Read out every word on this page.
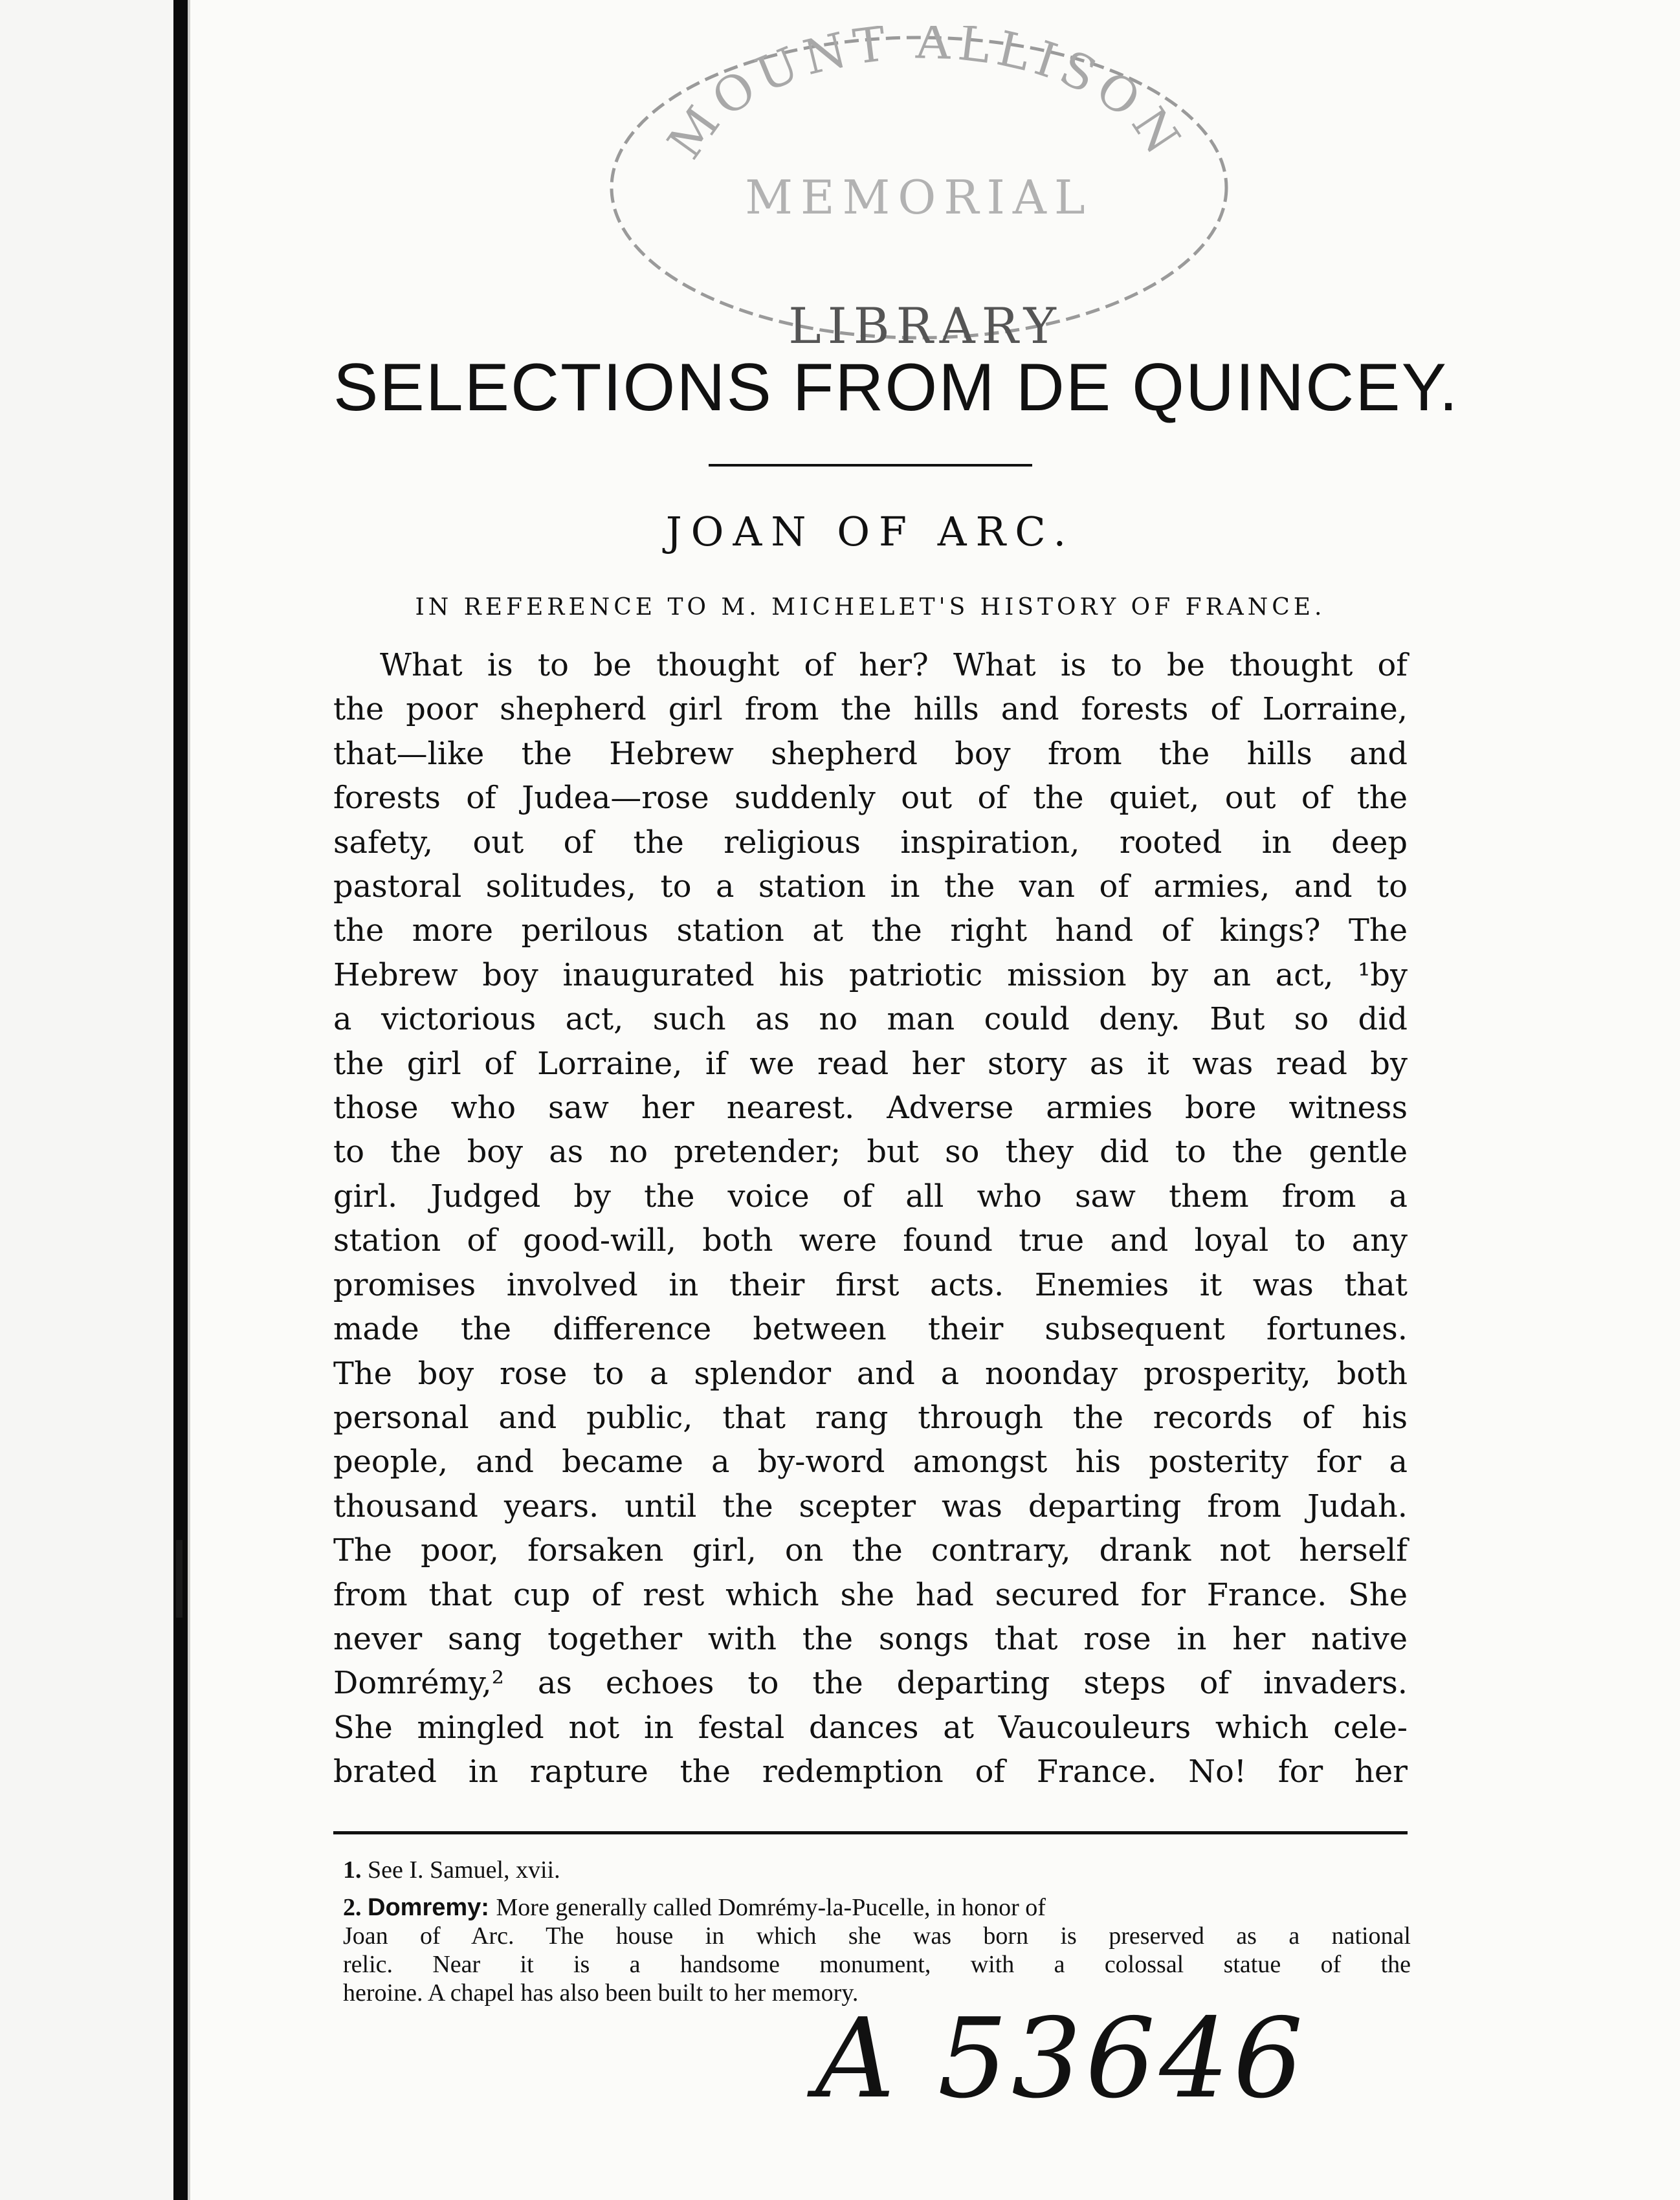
MOUNT ALLISON
MEMORIAL
LIBRARY
SELECTIONS FROM DE QUINCEY.
JOAN OF ARC.
IN REFERENCE TO M. MICHELET'S HISTORY OF FRANCE.
What is to be thought of her? What is to be thought of
the poor shepherd girl from the hills and forests of Lorraine,
that—like the Hebrew shepherd boy from the hills and
forests of Judea—rose suddenly out of the quiet, out of the
safety, out of the religious inspiration, rooted in deep
pastoral solitudes, to a station in the van of armies, and to
the more perilous station at the right hand of kings? The
Hebrew boy inaugurated his patriotic mission by an act, ¹by
a victorious act, such as no man could deny. But so did
the girl of Lorraine, if we read her story as it was read by
those who saw her nearest. Adverse armies bore witness
to the boy as no pretender; but so they did to the gentle
girl. Judged by the voice of all who saw them from a
station of good-will, both were found true and loyal to any
promises involved in their first acts. Enemies it was that
made the difference between their subsequent fortunes.
The boy rose to a splendor and a noonday prosperity, both
personal and public, that rang through the records of his
people, and became a by-word amongst his posterity for a
thousand years. until the scepter was departing from Judah.
The poor, forsaken girl, on the contrary, drank not herself
from that cup of rest which she had secured for France. She
never sang together with the songs that rose in her native
Domrémy,² as echoes to the departing steps of invaders.
She mingled not in festal dances at Vaucouleurs which cele-
brated in rapture the redemption of France. No! for her
1. See I. Samuel, xvii.
2. Domremy: More generally called Domrémy-la-Pucelle, in honor of
Joan of Arc. The house in which she was born is preserved as a national
relic. Near it is a handsome monument, with a colossal statue of the
heroine. A chapel has also been built to her memory.
A 53646
